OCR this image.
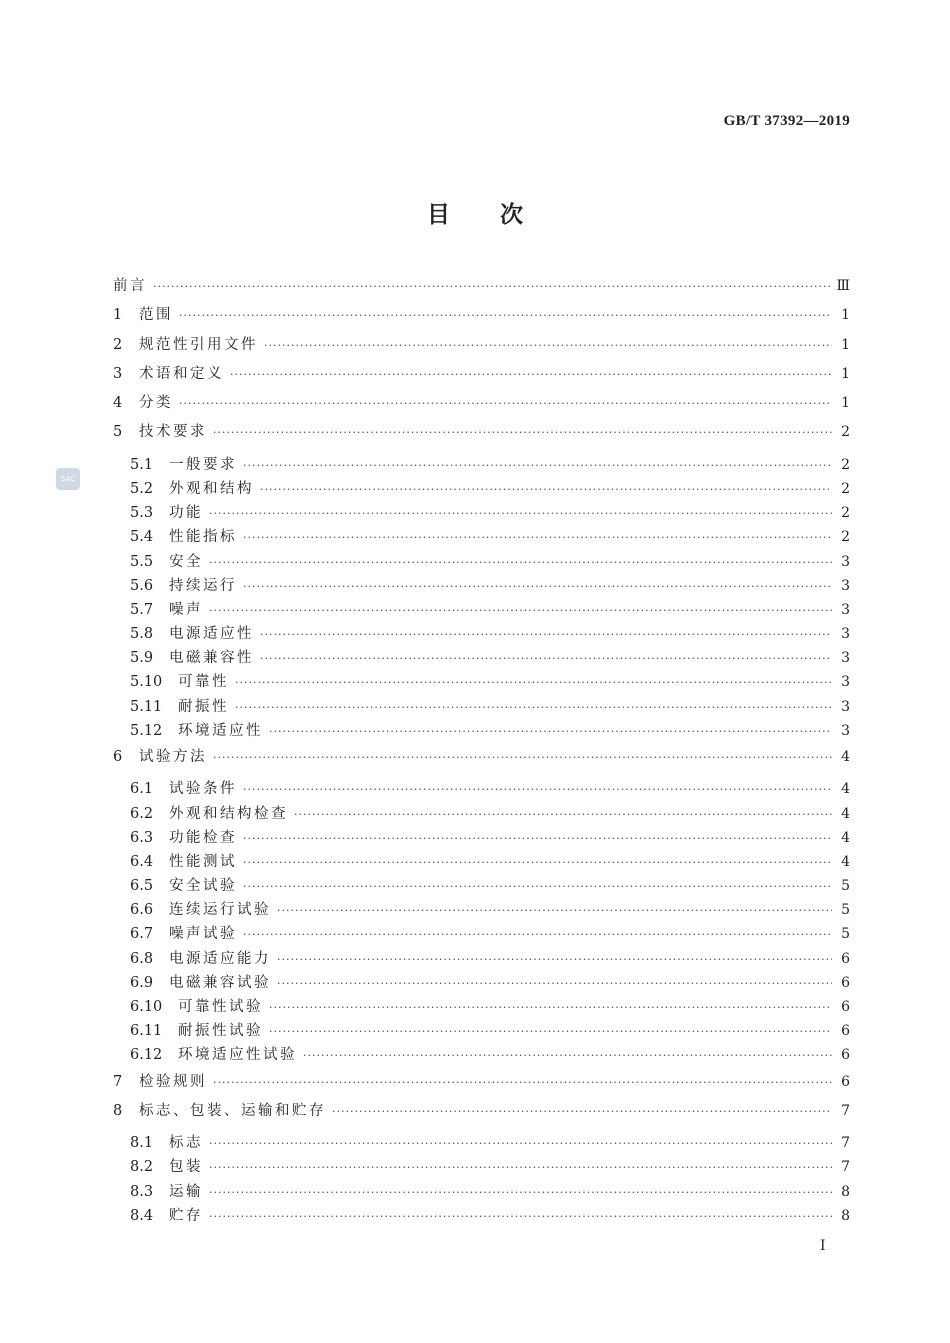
GB/T 37392—2019
目次
SAC
前言 ·····	Ⅲ
1	范围 ·····	1
2	规范性引用文件 ·····	1
3	术语和定义 ·····	1
4	分类 ·····	1
5	技术要求 ·····	2
5.1	一般要求 ·····	2
5.2	外观和结构 ·····	2
5.3	功能 ·····	2
5.4	性能指标 ·····	2
5.5	安全 ·····	3
5.6	持续运行 ·····	3
5.7	噪声 ·····	3
5.8	电源适应性 ·····	3
5.9	电磁兼容性 ·····	3
5.10	可靠性 ·····	3
5.11	耐振性 ·····	3
5.12	环境适应性 ·····	3
6	试验方法 ·····	4
6.1	试验条件 ·····	4
6.2	外观和结构检查 ·····	4
6.3	功能检查 ·····	4
6.4	性能测试 ·····	4
6.5	安全试验 ·····	5
6.6	连续运行试验 ·····	5
6.7	噪声试验 ·····	5
6.8	电源适应能力 ·····	6
6.9	电磁兼容试验 ·····	6
6.10	可靠性试验 ·····	6
6.11	耐振性试验 ·····	6
6.12	环境适应性试验 ·····	6
7	检验规则 ·····	6
8	标志、包装、运输和贮存 ·····	7
8.1	标志 ·····	7
8.2	包装 ·····	7
8.3	运输 ·····	8
8.4	贮存 ·····	8
Ⅰ
